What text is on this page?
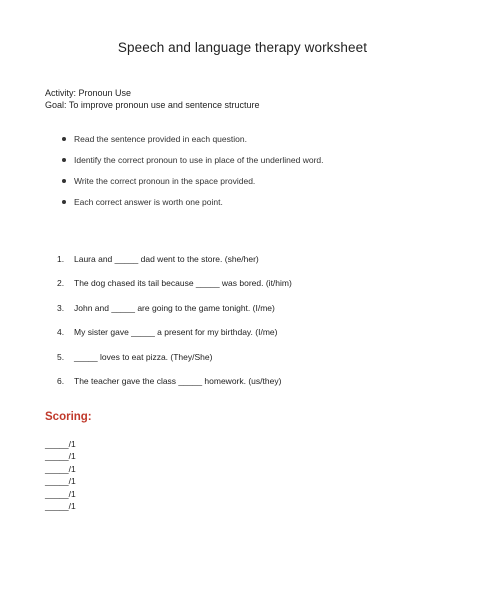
Speech and language therapy worksheet
Activity: Pronoun Use
Goal: To improve pronoun use and sentence structure
Read the sentence provided in each question.
Identify the correct pronoun to use in place of the underlined word.
Write the correct pronoun in the space provided.
Each correct answer is worth one point.
1. Laura and _____ dad went to the store. (she/her)
2. The dog chased its tail because _____ was bored. (it/him)
3. John and _____ are going to the game tonight. (I/me)
4. My sister gave _____ a present for my birthday. (I/me)
5. _____ loves to eat pizza. (They/She)
6. The teacher gave the class _____ homework. (us/they)
Scoring:
_____/1
_____/1
_____/1
_____/1
_____/1
_____/1
